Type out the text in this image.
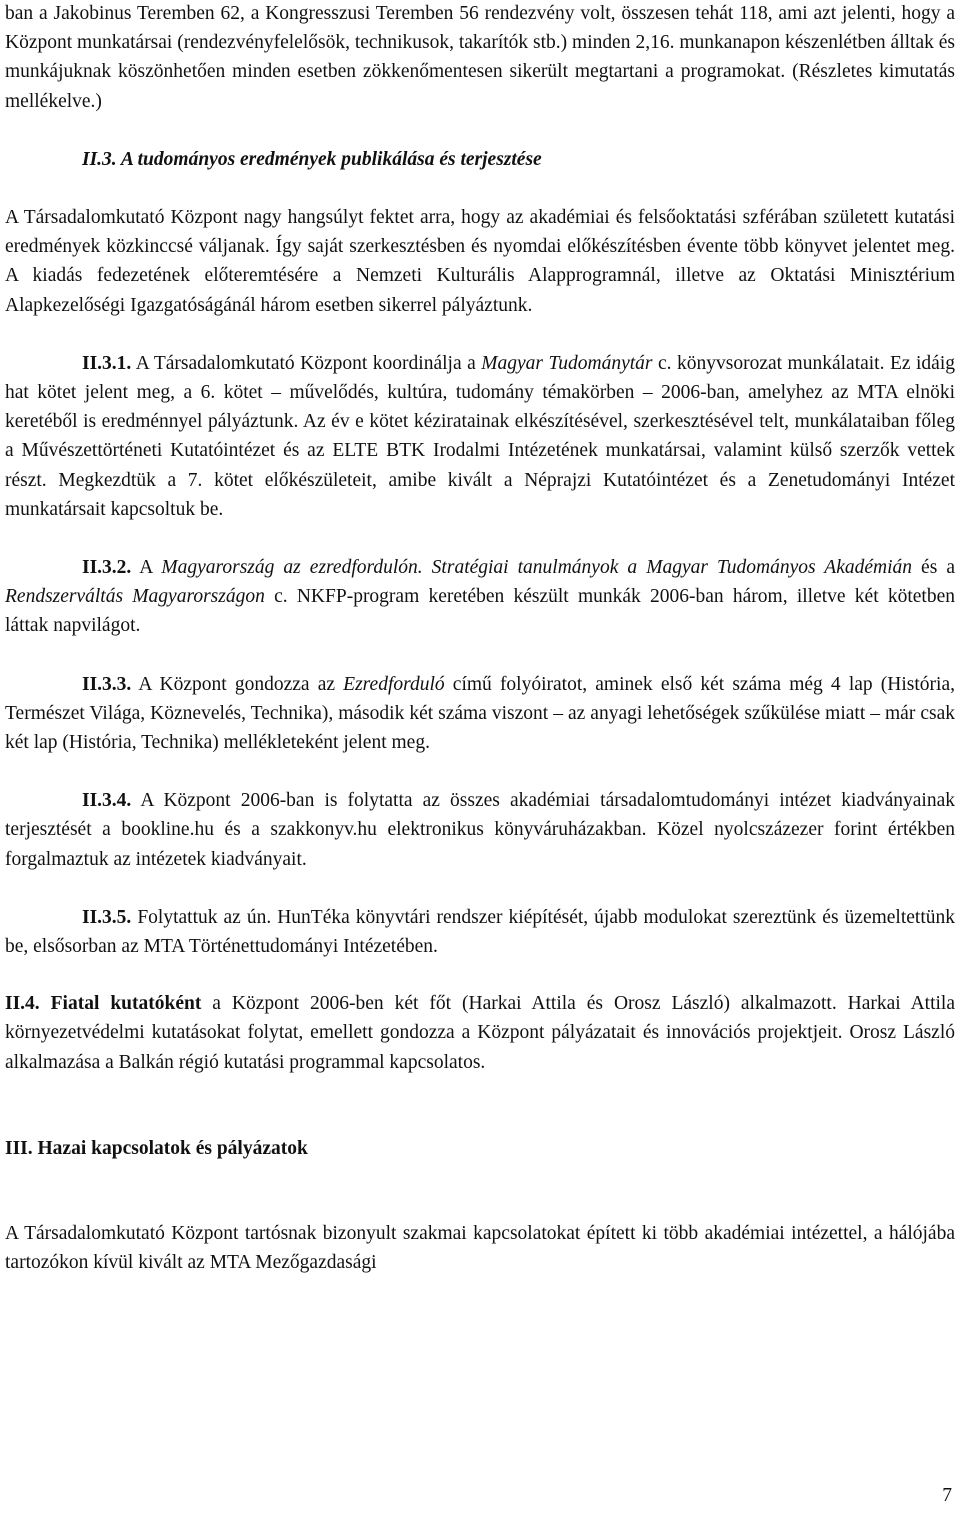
ban a Jakobinus Teremben 62, a Kongresszusi Teremben 56 rendezvény volt, összesen tehát 118, ami azt jelenti, hogy a Központ munkatársai (rendezvényfelelősök, technikusok, takarítók stb.) minden 2,16. munkanapon készenlétben álltak és munkájuknak köszönhetően minden esetben zökkenőmentesen sikerült megtartani a programokat. (Részletes kimutatás mellékelve.)

II.3. A tudományos eredmények publikálása és terjesztése

A Társadalomkutató Központ nagy hangsúlyt fektet arra, hogy az akadémiai és felsőoktatási szférában született kutatási eredmények közkinccsé váljanak. Így saját szerkesztésben és nyomdai előkészítésben évente több könyvet jelentet meg. A kiadás fedezetének előteremtésére a Nemzeti Kulturális Alapprogramnál, illetve az Oktatási Minisztérium Alapkezelőségi Igazgatóságánál három esetben sikerrel pályáztunk.

II.3.1. A Társadalomkutató Központ koordinálja a Magyar Tudománytár c. könyvsorozat munkálatait. Ez idáig hat kötet jelent meg, a 6. kötet – művelődés, kultúra, tudomány témakörben – 2006-ban, amelyhez az MTA elnöki keretéből is eredménnyel pályáztunk. Az év e kötet kéziratainak elkészítésével, szerkesztésével telt, munkálataiban főleg a Művészettörténeti Kutatóintézet és az ELTE BTK Irodalmi Intézetének munkatársai, valamint külső szerzők vettek részt. Megkezdtük a 7. kötet előkészületeit, amibe kivált a Néprajzi Kutatóintézet és a Zenetudományi Intézet munkatársait kapcsoltuk be.

II.3.2. A Magyarország az ezredfordulón. Stratégiai tanulmányok a Magyar Tudományos Akadémián és a Rendszerváltás Magyarországon c. NKFP-program keretében készült munkák 2006-ban három, illetve két kötetben láttak napvilágot.

II.3.3. A Központ gondozza az Ezredforduló című folyóiratot, aminek első két száma még 4 lap (História, Természet Világa, Köznevelés, Technika), második két száma viszont – az anyagi lehetőségek szűkülése miatt – már csak két lap (História, Technika) mellékleteként jelent meg.

II.3.4. A Központ 2006-ban is folytatta az összes akadémiai társadalomtudományi intézet kiadványainak terjesztését a bookline.hu és a szakkonyv.hu elektronikus könyváruházakban. Közel nyolcszázezer forint értékben forgalmaztuk az intézetek kiadványait.

II.3.5. Folytattuk az ún. HunTéka könyvtári rendszer kiépítését, újabb modulokat szereztünk és üzemeltettünk be, elsősorban az MTA Történettudományi Intézetében.

II.4. Fiatal kutatóként a Központ 2006-ben két főt (Harkai Attila és Orosz László) alkalmazott. Harkai Attila környezetvédelmi kutatásokat folytat, emellett gondozza a Központ pályázatait és innovációs projektjeit. Orosz László alkalmazása a Balkán régió kutatási programmal kapcsolatos.

III. Hazai kapcsolatok és pályázatok

A Társadalomkutató Központ tartósnak bizonyult szakmai kapcsolatokat épített ki több akadémiai intézettel, a hálójába tartozókon kívül kivált az MTA Mezőgazdasági

7
